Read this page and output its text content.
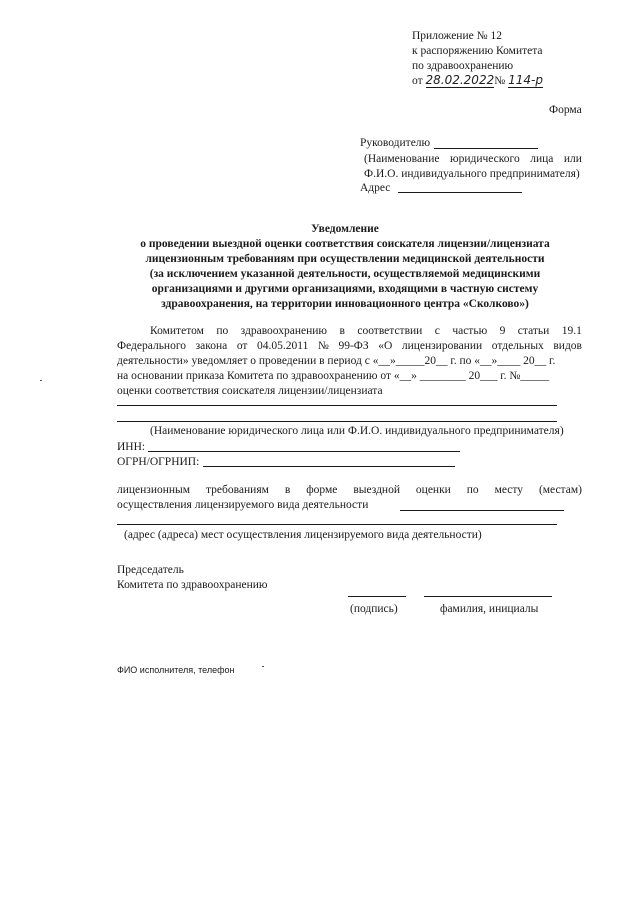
Приложение № 12
к распоряжению Комитета
по здравоохранению
от 28.02.2022№ 114-р
Форма
Руководителю
(Наименование юридического лица или
Ф.И.О. индивидуального предпринимателя)
Адрес
Уведомление
о проведении выездной оценки соответствия соискателя лицензии/лицензиата
лицензионным требованиям при осуществлении медицинской деятельности
(за исключением указанной деятельности, осуществляемой медицинскими
организациями и другими организациями, входящими в частную систему
здравоохранения, на территории инновационного центра «Сколково»)
Комитетом по здравоохранению в соответствии с частью 9 статьи 19.1
Федерального закона от 04.05.2011 № 99-ФЗ «О лицензировании отдельных видов
деятельности» уведомляет о проведении в период с «__»_____20__ г. по «__»____ 20__ г.
на основании приказа Комитета по здравоохранению от «__» ________ 20___ г. №_____
оценки соответствия соискателя лицензии/лицензиата
(Наименование юридического лица или Ф.И.О. индивидуального предпринимателя)
ИНН:
ОГРН/ОГРНИП:
лицензионным требованиям в форме выездной оценки по месту (местам)
осуществления лицензируемого вида деятельности
(адрес (адреса) мест осуществления лицензируемого вида деятельности)
Председатель
Комитета по здравоохранению
(подпись)	фамилия, инициалы
ФИО исполнителя, телефон
